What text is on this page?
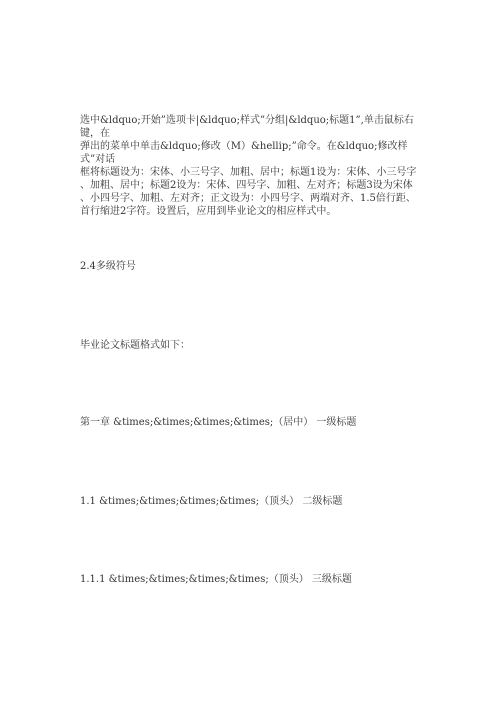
选中&ldquo;开始”选项卡|&ldquo;样式”分组|&ldquo;标题1”,单击鼠标右键，在
弹出的菜单中单击&ldquo;修改（M）&hellip;”命令。在&ldquo;修改样式”对话
框将标题设为：宋体、小三号字、加粗、居中；标题1设为：宋体、小三号字
、加粗、居中；标题2设为：宋体、四号字、加粗、左对齐；标题3设为宋体
、小四号字、加粗、左对齐；正文设为：小四号字、两端对齐、1.5倍行距、
首行缩进2字符。设置后，应用到毕业论文的相应样式中。
2.4多级符号
毕业论文标题格式如下：
第一章 &times;&times;&times;&times;（居中） 一级标题
1.1 &times;&times;&times;&times;（顶头） 二级标题
1.1.1 &times;&times;&times;&times;（顶头） 三级标题
